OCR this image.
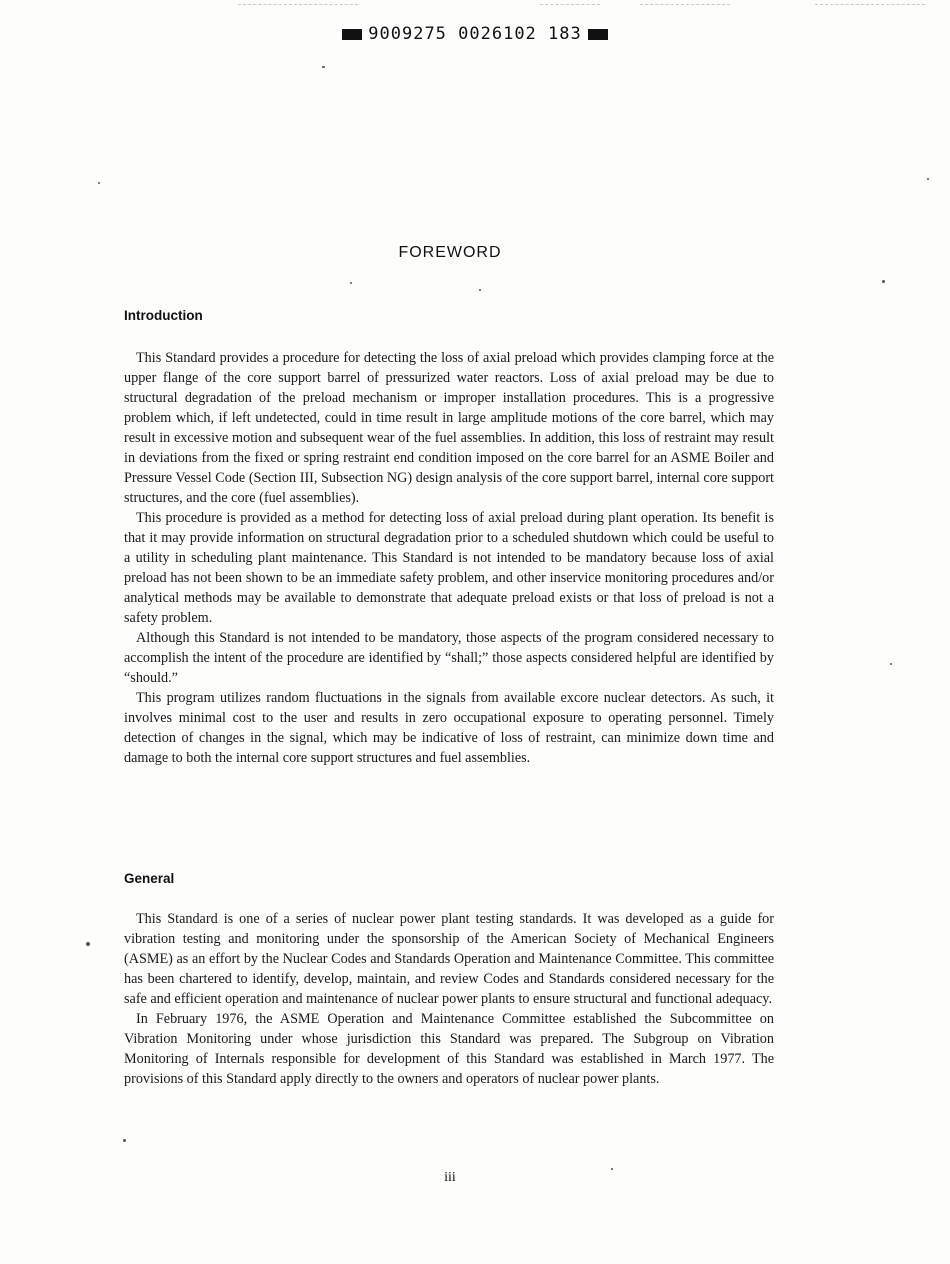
9009275 0026102 183
FOREWORD
Introduction

This Standard provides a procedure for detecting the loss of axial preload which provides clamping force at the upper flange of the core support barrel of pressurized water reactors. Loss of axial preload may be due to structural degradation of the preload mechanism or improper installation procedures. This is a progressive problem which, if left undetected, could in time result in large amplitude motions of the core barrel, which may result in excessive motion and subsequent wear of the fuel assemblies. In addition, this loss of restraint may result in deviations from the fixed or spring restraint end condition imposed on the core barrel for an ASME Boiler and Pressure Vessel Code (Section III, Subsection NG) design analysis of the core support barrel, internal core support structures, and the core (fuel assemblies).

This procedure is provided as a method for detecting loss of axial preload during plant operation. Its benefit is that it may provide information on structural degradation prior to a scheduled shutdown which could be useful to a utility in scheduling plant maintenance. This Standard is not intended to be mandatory because loss of axial preload has not been shown to be an immediate safety problem, and other inservice monitoring procedures and/or analytical methods may be available to demonstrate that adequate preload exists or that loss of preload is not a safety problem.

Although this Standard is not intended to be mandatory, those aspects of the program considered necessary to accomplish the intent of the procedure are identified by “shall;” those aspects considered helpful are identified by “should.”

This program utilizes random fluctuations in the signals from available excore nuclear detectors. As such, it involves minimal cost to the user and results in zero occupational exposure to operating personnel. Timely detection of changes in the signal, which may be indicative of loss of restraint, can minimize down time and damage to both the internal core support structures and fuel assemblies.

General

This Standard is one of a series of nuclear power plant testing standards. It was developed as a guide for vibration testing and monitoring under the sponsorship of the American Society of Mechanical Engineers (ASME) as an effort by the Nuclear Codes and Standards Operation and Maintenance Committee. This committee has been chartered to identify, develop, maintain, and review Codes and Standards considered necessary for the safe and efficient operation and maintenance of nuclear power plants to ensure structural and functional adequacy.

In February 1976, the ASME Operation and Maintenance Committee established the Subcommittee on Vibration Monitoring under whose jurisdiction this Standard was prepared. The Subgroup on Vibration Monitoring of Internals responsible for development of this Standard was established in March 1977. The provisions of this Standard apply directly to the owners and operators of nuclear power plants.

iii
